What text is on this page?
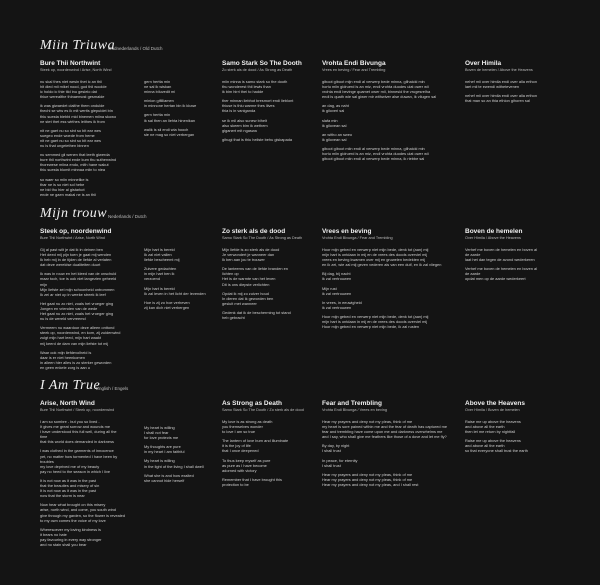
Miin Triuwa
Oudnederlands / Old Dutch
Bure Thii Northwint
Steek op, noordenwind / Arise, North Wind
nu skal thes niet wesin thet ic an thii
hit died mii mikel nood, god thii woolde
ic holdo ic thie tiid inu gesieio dat
thiue werealthe thinaemost gesmalde
ik was giwaedet claithe them ondulde
thechi se wiw es ik mit wertis giepuidet bin
thiu suesta biebbi mid binemen miina skowo
ne stet thet ess wirthes leithes ik from
nit ne gaet nu so sint so bit ear wes
suegeo ende woede from heme
nit ne gaet nu so sint so bit ear wes
nu is that ungelethen binnen
nu semmed gii wenen that leeth giwerda
bure thii northwint ende kum thu suthenwind
thorewese miina endo, mith hane wakut
thiu suesta blomit minnaa miin to niea
so waer so miin minnelike is
thar ne is so niet sol hebe
ne bid thu hier al gistarkot
ende ne gaen makal ne is an thii
gern hertta min
ne sal ik wiskan
minna biluvedit mi
minion gifilliamen
in minnone hertan bin ik kluwe
gern hertta min
ik sal then an liehta hinenikan
walik is sii endi wia hooch
sie ne mag so niet verbergan
Samo Stark So The Dooth
Zo sterk als de dood / As Strong as Death
miin minna is samo stark so the dooth
thu wonderest thii lewis than
ik bim hirri thei to hadde
ther minnan liebhot bresmort endi lieblont
thiuse is thiu warme thes liives
thia is in vaniganda
se ik mil also sunew bihelt
also skeem bim ik wethem
giganert mit ngaswa
gihugi that is thiu heilste behu giskapada
Vrohta Endi Bivunga
Vrees en beving / Fear and Trembling
giboot giboot mijn endi al verwerp bede minna, gilhaicki min
hortu miin gidruerd is an miz, endi vrohta duodes uiat ower wii
vrohta endi bevinge quamet ower mii, binnesid the vrugesrelha
endi is quath wie sal giwer mir withwiver alse duwan, ik vliugen sal
an dag, as naht
ik giloveri sal
slafa min
ik gilovean sal
an witho an sweo
ik gilovean sal
giboot giboot miin endi al verwerp bede minna, gilhaicki min
hortu miin gidruerd is an miz, endi vrohta duodes uiat ower wii
giboot giboot miin endi al verwerp bede minna, ik riebbe sal
Over Himila
Boven de hemelen / Above the Heavens
nehef mii over himila endi over alla erthon
laet mii te ewendi withetevenen
nehef mii over himila endi over alla erthon
that man so an thia ethion gihoren sal
Mijn trouw Nederlands / Dutch
Steek op, noordenwind
Bure Thii Northwint / Arise, North Wind
Gij al past wilt je dat ik in deinen ben
Het deed mij pijn toen je gaat mij wenden
Ik heb mij in de tijden de liefde al verlaten
dat deze wereldse dualiteiten duurt
Ik was in rouw en het kleed van de onschuld
maar toch, toe is ook niet langezien geheeld
mijn
Mijn liefste zei mijn schoonheid ontrommen
Ik zei ar niet op in weeke streek ik leef
Het gaat nu zo niet, zoals het vroeger ging
Jongen en vrienden van de wede
Het gaat nu zo niet, zoals het vroeger ging
nu is de wereld vervreemd
Vermeem nu waardoor deze alleen onttond
steek op, noordenwind, en kom, zij zuidenwind
zuigt mijn hart leed, mijn hart waakt
mij keerd de dam van mijn liefste tot mij
Waar ook mijn liefdevolheid is
daar is er niet heenkomen
in alleen hier alles is zo sterker geworden
en geen enkele zorg is aan u
Mijn hart is bereid
Ik zal niet vallen
liefde bescheemt mij
Zuivere gedachten
in mijn hart ben ik
verzoend
Mijn hart is bereid
Ik zal leven in het licht der levenden
Hoe is zij zo hoe verheven
zij kan dich niet verbergen
Zo sterk als de dood
Samo Stark So The Dooth / As Strong as Death
Mijn liefde is zo sterk als de dood
Je verwondert je wanneer dan
Ik ben aan jou te trouwer
De lanteerns van de liefde branden en
lichten op
Het is de warmte van het leven
Dit is ons diepste verlichten
Opdat ik mij zo zuiver houd
In dieren dat ik geworden ben
gesluit met wanneer
Gedenk dat ik de bescherming tot stand
heb gebracht
Vrees en beving
Vrohta Endi Bivunga / Fear and Trembling
Hoor mijn gebed en verwerp niet mijn bede, denk tot (aan) mij
mijn hart is ontdaan in mij en de vrees des doods overviel mij
vrees en beving kwamen over mij en gruwelen bedekten mij
en ik zei, wie zal mij geven vederen als van een duif, en ik zal vliegen
Bij dag, bij nacht
ik zal vertrouwen
Mijn rust
ik zal vertrouwen
In vrees, in eeuwigheid
ik zal vertrouwen
Hoor mijn gebed en verwerp niet mijn bede, denk tot (aan) mij
mijn hart is ontdaan in mij en de vrees des doods overviel mij
Hoor mijn gebed en verwerp niet mijn bede, ik zal rusten
Boven de hemelen
Over Himila / Above the Heavens
Verhef me boven de hemelen en boven al
de aarde
laat het dan tegen de avond wederkeren
Verhef me boven de hemelen en boven al
de aarde
opdat men op de aarde wederkeert
I Am True
English / Engels
Arise, North Wind
Bure Thii Northwint / Steek op, noordenwind
I am so sombre - but you so lived -
It gives me great sorrow and wounds me
I have understood this full well, during all the
time
that this world does demanded in darkness
I was clothed in the garments of innocence
yet, no matter how tormented I have been by
troubles
my love deprived me of my beauty
pay no heed to the season in which I live
It is not now as it was in the past
that the beauties and misery of sin
It is not now as it was in the past
now that the storm is near
Now hear what brought on this misery
arise, north wind, and come, you south wind
give through my garden, so the flower is revealed
to my own comes the voice of my love
Wheresoever my loving kindness is
it bears no hate
pay favouring in every way stronger
and no stain shall you bear
My heart is willing
I shall not fear
for love protects me
My thoughts are pure
in my heart I am faithful
My heart is willing
in the light of the living I shall dwell
What she is and how exalted
she cannot hide herself
As Strong as Death
Samo Stark So The Dooth / Zo sterk als de dood
My love is as strong as death
you themselves wonder
to love I am so true
The lantern of love burn and illuminate
it is the joy of life
that I once deepened
To thus keep myself as pure
as pure as I have become
adorned with victory
Remember that I have brought this
protection to be
Fear and Trembling
Vrohta Endi Bivunga / Vrees en beving
Hear my prayers and deny not my pleas, think of me
my heart is sore pained within me and the fear of death has captured me
fear and trembling have come upon me and darkness overwhelms me
and I say, who shall give me feathers like those of a dove and let me fly?
By day, by night
I shall trust
In peace, for eternity
I shall trust
Hear my prayers and deny not my pleas, think of me
Hear my prayers and deny not my pleas, think of me
Hear my prayers and deny not my pleas, and I shall rest
Above the Heavens
Over Himila / Boven de hemelen
Raise me up above the heavens
and above all the earth
then let me return by nightfall
Raise me up above the heavens
and above all the earth
so that everyone shall trust the earth
